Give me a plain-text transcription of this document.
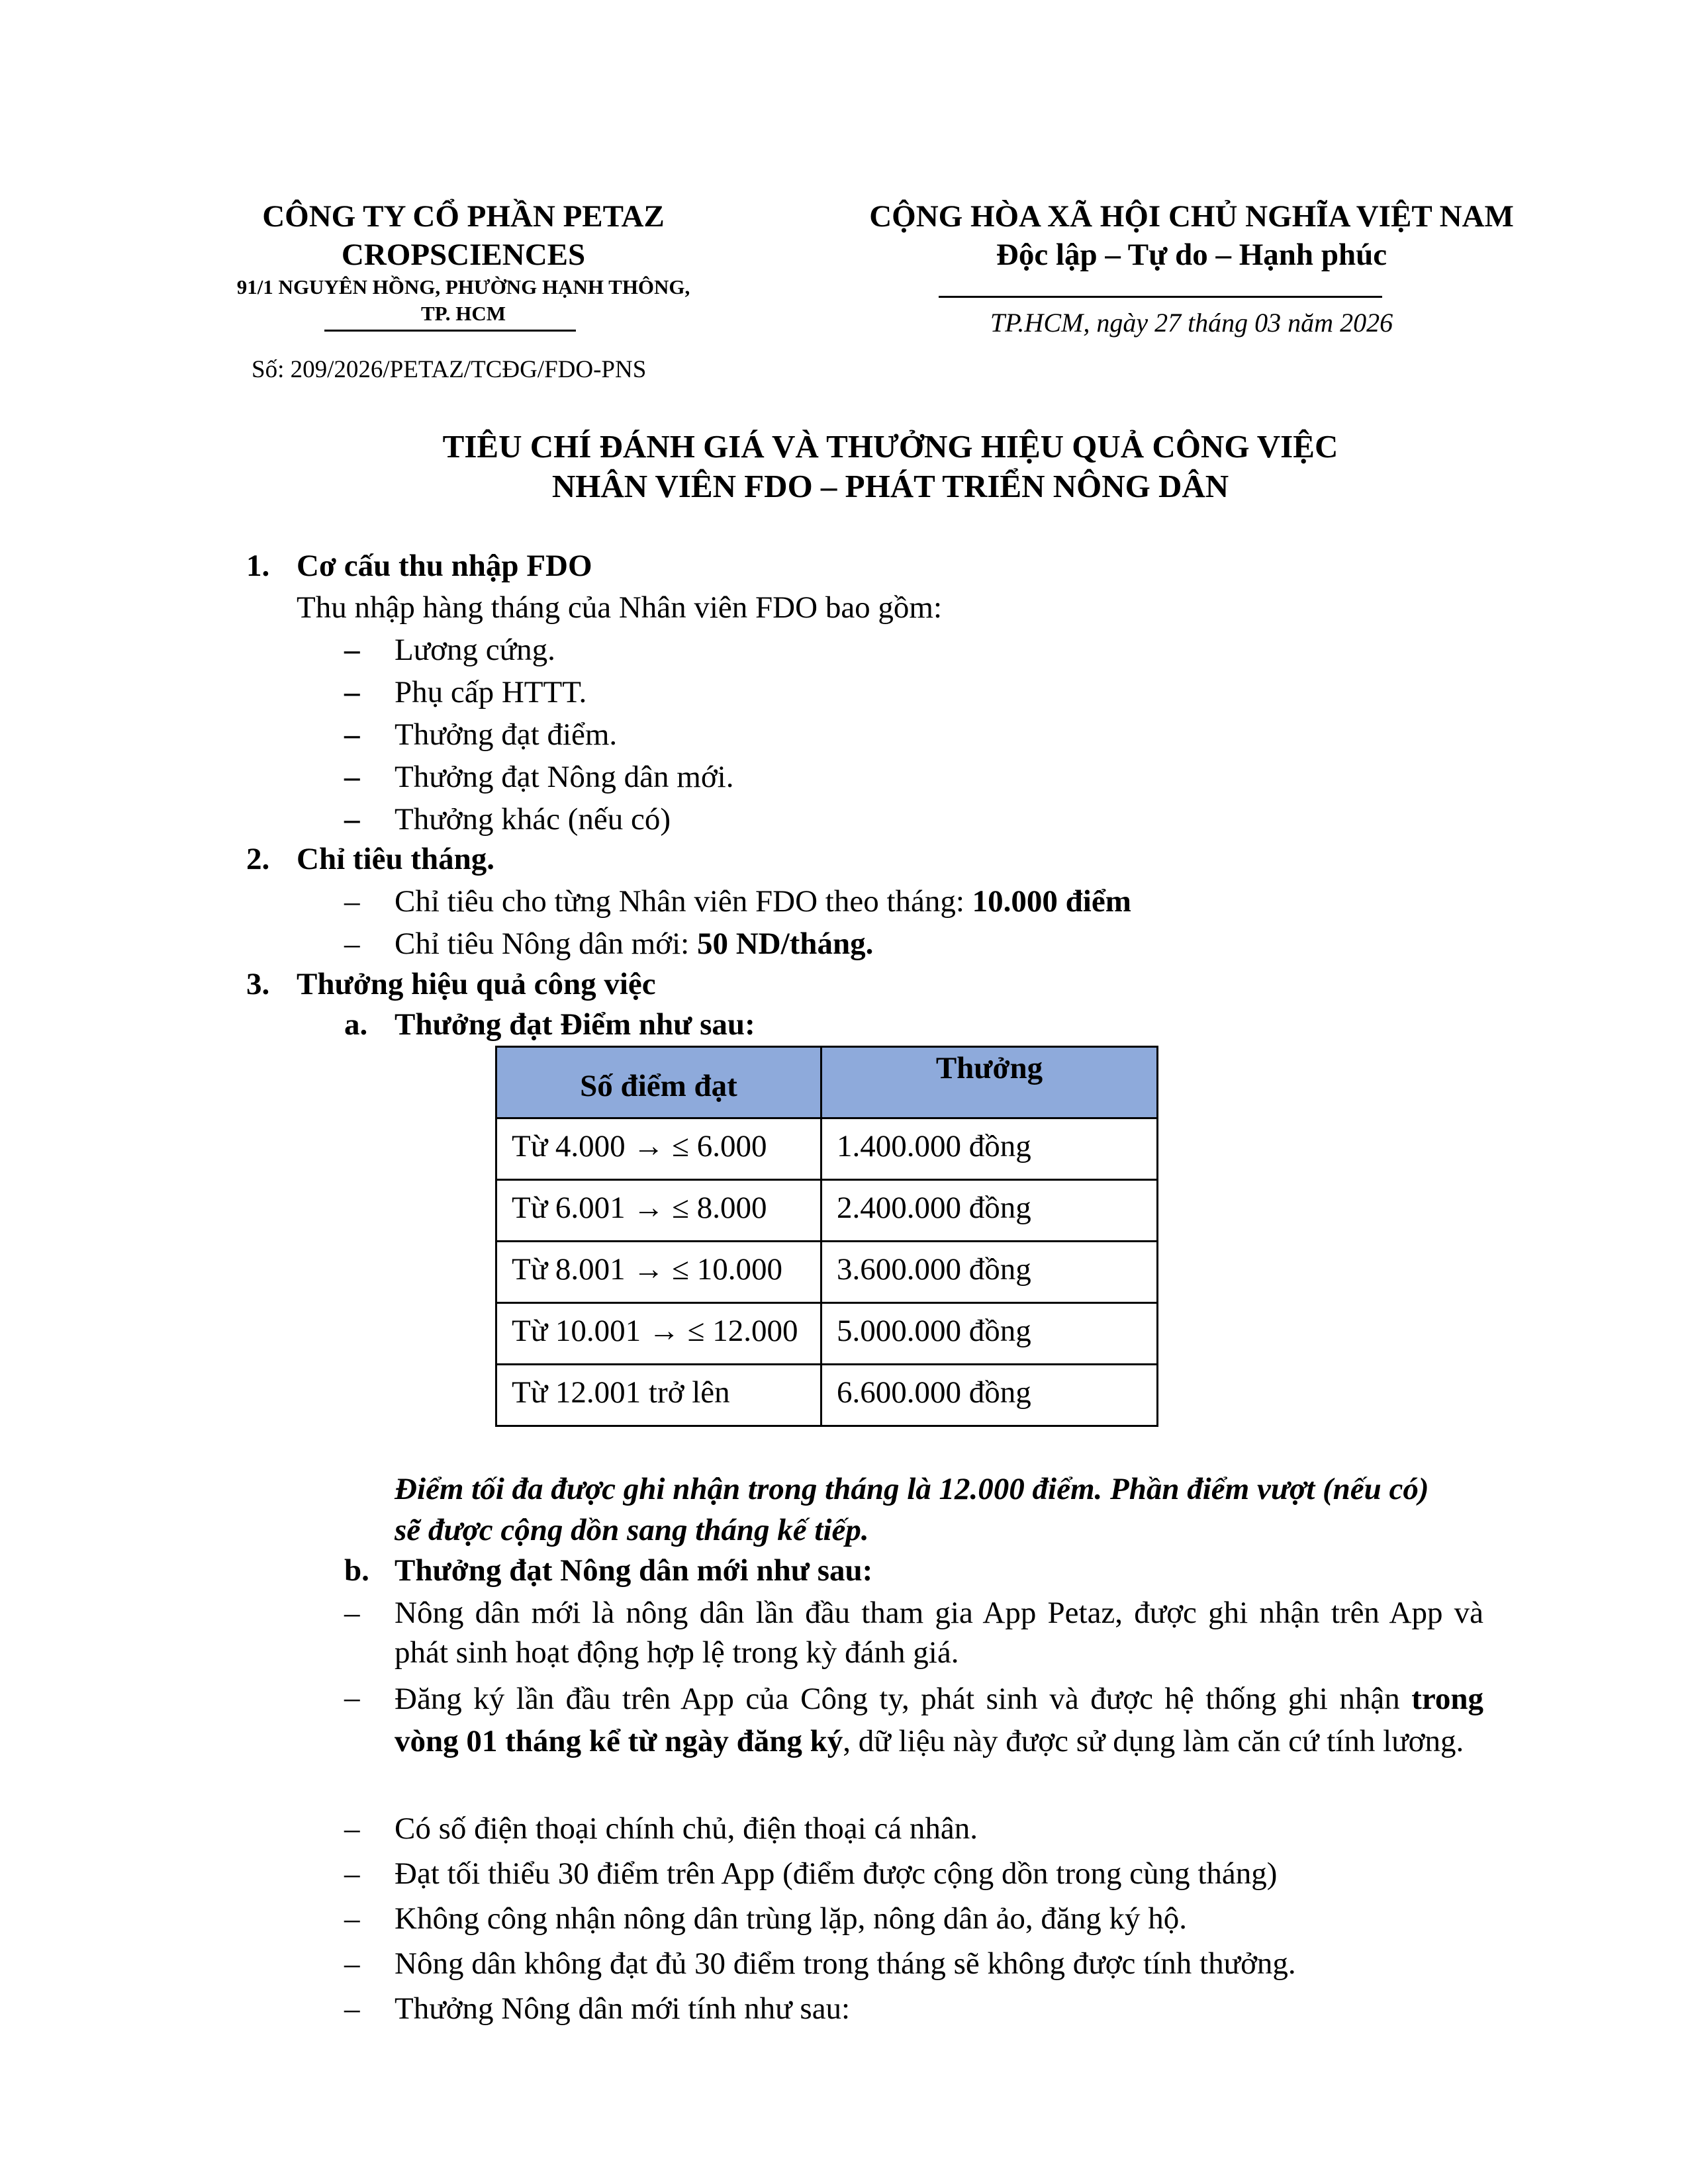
CÔNG TY CỔ PHẦN PETAZ
CROPSCIENCES
91/1 NGUYÊN HỒNG, PHƯỜNG HẠNH THÔNG,
TP. HCM
Số: 209/2026/PETAZ/TCĐG/FDO-PNS
CỘNG HÒA XÃ HỘI CHỦ NGHĨA VIỆT NAM
Độc lập – Tự do – Hạnh phúc
TP.HCM, ngày 27 tháng 03 năm 2026
TIÊU CHÍ ĐÁNH GIÁ VÀ THƯỞNG HIỆU QUẢ CÔNG VIỆC
NHÂN VIÊN FDO – PHÁT TRIỂN NÔNG DÂN
1. Cơ cấu thu nhập FDO
Thu nhập hàng tháng của Nhân viên FDO bao gồm:
– Lương cứng.
– Phụ cấp HTTT.
– Thưởng đạt điểm.
– Thưởng đạt Nông dân mới.
– Thưởng khác (nếu có)
2. Chỉ tiêu tháng.
– Chỉ tiêu cho từng Nhân viên FDO theo tháng: 10.000 điểm
– Chỉ tiêu Nông dân mới: 50 ND/tháng.
3. Thưởng hiệu quả công việc
a. Thưởng đạt Điểm như sau:
Số điểm đạt	Thưởng
Từ 4.000 → ≤ 6.000	1.400.000 đồng
Từ 6.001 → ≤ 8.000	2.400.000 đồng
Từ 8.001 → ≤ 10.000	3.600.000 đồng
Từ 10.001 → ≤ 12.000	5.000.000 đồng
Từ 12.001 trở lên	6.600.000 đồng
Điểm tối đa được ghi nhận trong tháng là 12.000 điểm. Phần điểm vượt (nếu có)
sẽ được cộng dồn sang tháng kế tiếp.
b. Thưởng đạt Nông dân mới như sau:
– Nông dân mới là nông dân lần đầu tham gia App Petaz, được ghi nhận trên App và phát sinh hoạt động hợp lệ trong kỳ đánh giá.
– Đăng ký lần đầu trên App của Công ty, phát sinh và được hệ thống ghi nhận trong vòng 01 tháng kể từ ngày đăng ký, dữ liệu này được sử dụng làm căn cứ tính lương.
– Có số điện thoại chính chủ, điện thoại cá nhân.
– Đạt tối thiểu 30 điểm trên App (điểm được cộng dồn trong cùng tháng)
– Không công nhận nông dân trùng lặp, nông dân ảo, đăng ký hộ.
– Nông dân không đạt đủ 30 điểm trong tháng sẽ không được tính thưởng.
– Thưởng Nông dân mới tính như sau:
